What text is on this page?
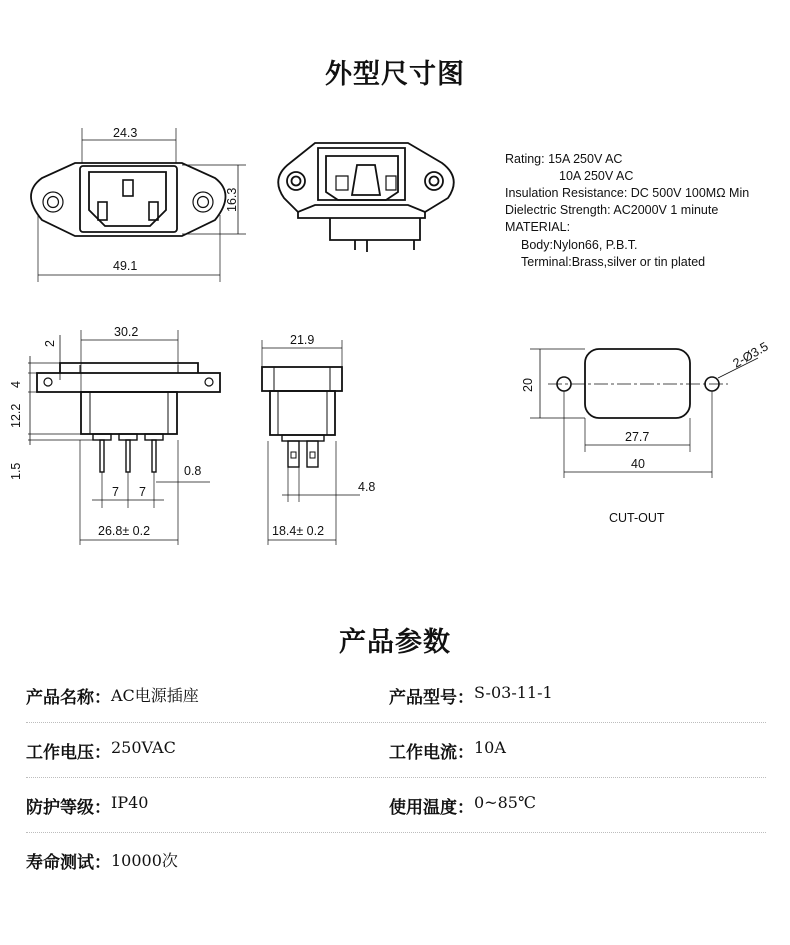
外型尺寸图
24.3
16.3
49.1
30.2
2
4
12.2
1.5	0.8
7 7
26.8± 0.2
21.9
4.8
18.4± 0.2
20
2-Ø3.5
27.7
40
CUT-OUT
Rating: 15A 250V AC
10A 250V AC
Insulation Resistance: DC 500V 100MΩ Min
Dielectric Strength: AC2000V 1 minute
MATERIAL:
Body:Nylon66, P.B.T.
Terminal:Brass,silver or tin plated
产品参数
产品名称： AC电源插座	产品型号： S-03-11-1
工作电压： 250VAC	工作电流： 10A
防护等级： IP40	使用温度： 0~85℃
寿命测试： 10000次
